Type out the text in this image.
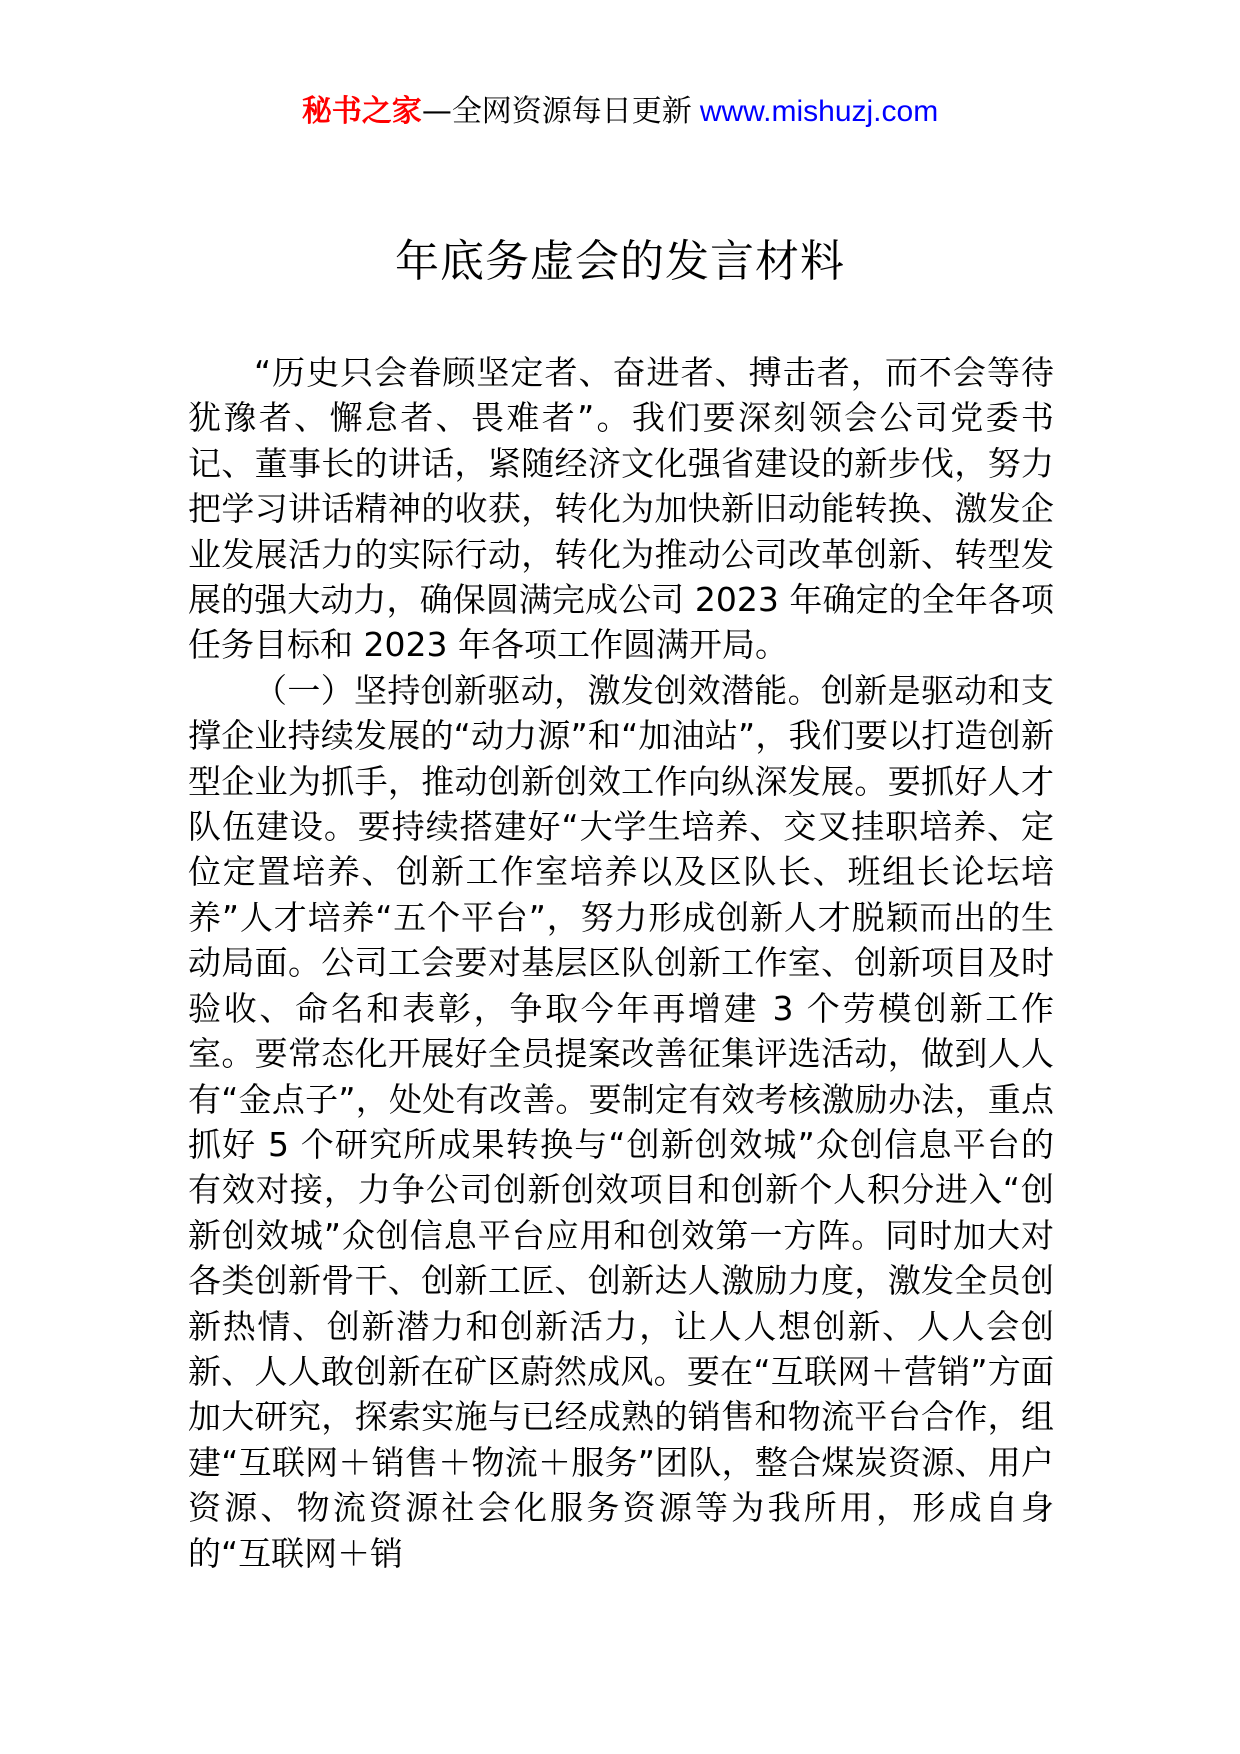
秘书之家—全网资源每日更新 www.mishuzj.com
年底务虚会的发言材料

“历史只会眷顾坚定者、奋进者、搏击者，而不会等待犹豫者、懈怠者、畏难者”。我们要深刻领会公司党委书记、董事长的讲话，紧随经济文化强省建设的新步伐，努力把学习讲话精神的收获，转化为加快新旧动能转换、激发企业发展活力的实际行动，转化为推动公司改革创新、转型发展的强大动力，确保圆满完成公司 2023 年确定的全年各项任务目标和 2023 年各项工作圆满开局。

（一）坚持创新驱动，激发创效潜能。创新是驱动和支撑企业持续发展的“动力源”和“加油站”，我们要以打造创新型企业为抓手，推动创新创效工作向纵深发展。要抓好人才队伍建设。要持续搭建好“大学生培养、交叉挂职培养、定位定置培养、创新工作室培养以及区队长、班组长论坛培养”人才培养“五个平台”，努力形成创新人才脱颖而出的生动局面。公司工会要对基层区队创新工作室、创新项目及时验收、命名和表彰，争取今年再增建 3 个劳模创新工作室。要常态化开展好全员提案改善征集评选活动，做到人人有“金点子”，处处有改善。要制定有效考核激励办法，重点抓好 5 个研究所成果转换与“创新创效城”众创信息平台的有效对接，力争公司创新创效项目和创新个人积分进入“创新创效城”众创信息平台应用和创效第一方阵。同时加大对各类创新骨干、创新工匠、创新达人激励力度，激发全员创新热情、创新潜力和创新活力，让人人想创新、人人会创新、人人敢创新在矿区蔚然成风。要在“互联网＋营销”方面加大研究，探索实施与已经成熟的销售和物流平台合作，组建“互联网＋销售＋物流＋服务”团队，整合煤炭资源、用户资源、物流资源社会化服务资源等为我所用，形成自身的“互联网＋销
